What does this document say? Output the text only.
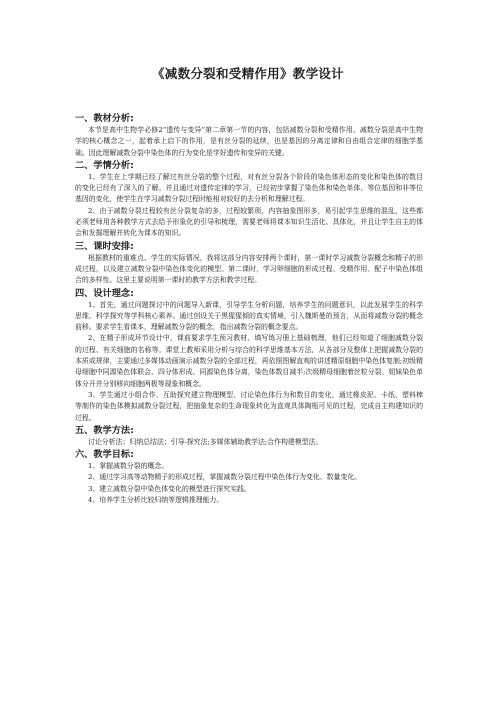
《减数分裂和受精作用》教学设计
一、教材分析:

本节是高中生物学必修2“遗传与变异”第二章第一节的内容，包括减数分裂和受精作用。减数分裂是高中生物学的核心概念之一，起着承上启下的作用，是有丝分裂的延续，也是基因的分离定律和自由组合定律的细胞学基础。因此理解减数分裂中染色体的行为变化是学好遗传和变异的关键。

二、学情分析:

1、学生在上学期已经了解过有丝分裂的整个过程，对有丝分裂各个阶段的染色体形态的变化和染色体的数目的变化已经有了深入的了解。并且通过对遗传定律的学习，已经初步掌握了染色体和染色单体、等位基因和非等位基因的变化，使学生在学习减数分裂过程时能相对较好的去分析和理解过程。

2、由于减数分裂过程较有丝分裂复杂的多，过程较繁琐，内容抽象图形多，易引起学生思维的混乱，这些都必须老师用各种教学方式去给予形象化的引导和梳理，需要老师将课本知识生活化、具体化，并且让学生自主的体会和发掘理解并转化为课本的知识。

三、课时安排:

根据教材的重难点、学生的实际情况，我将这部分内容安排两个课时，第一课时学习减数分裂概念和精子的形成过程，以及建立减数分裂中染色体变化的模型。第二课时，学习卵细胞的形成过程、受精作用、配子中染色体组合的多样性。这里主要说明第一课时的教学方法和教学过程。

四、设计理念:

1、首先，通过问题探讨中的问题导入新课，引导学生分析问题，培养学生的问题意识，以此发展学生的科学思维、科学探究等学科核心素养。通过创设关于黑猩猩倾的真实情境，引入魏斯曼的预言，从而将减数分裂的概念前移。要求学生看课本，理解减数分裂的概念，指出减数分裂的概念要点。

2、在精子形成环节设计中，课前要求学生预习教材、填写练习册上基础梳理，他们已经知道了细胞减数分裂的过程、有关细胞的名称等。课堂上教师采用分析与综合的科学思维基本方法，从各部分及整体上把握减数分裂的本质或规律，主要通过多媒体动画演示减数分裂的全部过程，再依照图解直观的讲述精原细胞中染色体复制;初级精母细胞中同源染色体联会、四分体形成、同源染色体分离，染色体数目减半;次级精母细胞着丝粒分裂、姐妹染色单体分开并分别移向细胞两极等现象和概念。

3、学生通过小组合作、互助探究建立物理模型、讨论染色体行为和数目的变化，通过橡皮泥、卡纸、塑料棒等制作的染色体模拟减数分裂过程，把抽象复杂的生命现象转化为直观具体陶瓶可见的过程，完成自主构建知识的过程。

五、教学方法:

讨论分析法；归纳总结法；引导-探究法;多媒体辅助教学法;合作构建模型法。

六、教学目标:

1、掌握减数分裂的概念。

2、通过学习高等动物精子的形成过程，掌握减数分裂过程中染色体行为变化、数量变化。

3、建立减数分裂中染色体变化的模型进行探究实践。

4、培养学生分析比较归纳等逻辑推理能力。
